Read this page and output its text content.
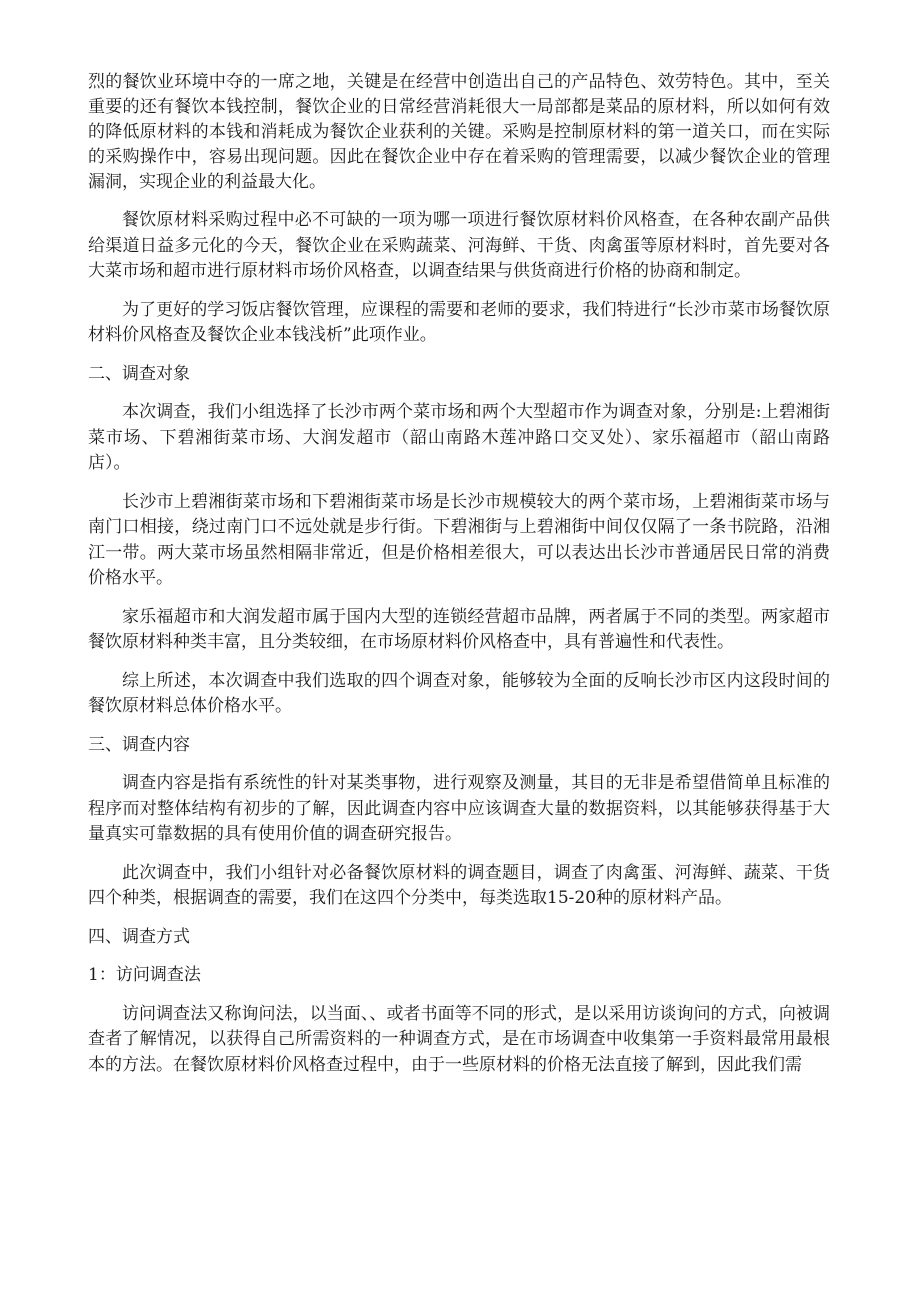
烈的餐饮业环境中夺的一席之地，关键是在经营中创造出自己的产品特色、效劳特色。其中，至关重要的还有餐饮本钱控制，餐饮企业的日常经营消耗很大一局部都是菜品的原材料，所以如何有效的降低原材料的本钱和消耗成为餐饮企业获利的关键。采购是控制原材料的第一道关口，而在实际的采购操作中，容易出现问题。因此在餐饮企业中存在着采购的管理需要，以减少餐饮企业的管理漏洞，实现企业的利益最大化。

餐饮原材料采购过程中必不可缺的一项为哪一项进行餐饮原材料价风格查，在各种农副产品供给渠道日益多元化的今天，餐饮企业在采购蔬菜、河海鲜、干货、肉禽蛋等原材料时，首先要对各大菜市场和超市进行原材料市场价风格查，以调查结果与供货商进行价格的协商和制定。

为了更好的学习饭店餐饮管理，应课程的需要和老师的要求，我们特进行“长沙市菜市场餐饮原材料价风格查及餐饮企业本钱浅析”此项作业。

二、调查对象

本次调查，我们小组选择了长沙市两个菜市场和两个大型超市作为调查对象，分别是:上碧湘街菜市场、下碧湘街菜市场、大润发超市（韶山南路木莲冲路口交叉处）、家乐福超市（韶山南路店）。

长沙市上碧湘街菜市场和下碧湘街菜市场是长沙市规模较大的两个菜市场，上碧湘街菜市场与南门口相接，绕过南门口不远处就是步行街。下碧湘街与上碧湘街中间仅仅隔了一条书院路，沿湘江一带。两大菜市场虽然相隔非常近，但是价格相差很大，可以表达出长沙市普通居民日常的消费价格水平。

家乐福超市和大润发超市属于国内大型的连锁经营超市品牌，两者属于不同的类型。两家超市餐饮原材料种类丰富，且分类较细，在市场原材料价风格查中，具有普遍性和代表性。

综上所述，本次调查中我们选取的四个调查对象，能够较为全面的反响长沙市区内这段时间的餐饮原材料总体价格水平。

三、调查内容

调查内容是指有系统性的针对某类事物，进行观察及测量，其目的无非是希望借简单且标准的程序而对整体结构有初步的了解，因此调查内容中应该调查大量的数据资料，以其能够获得基于大量真实可靠数据的具有使用价值的调查研究报告。

此次调查中，我们小组针对必备餐饮原材料的调查题目，调查了肉禽蛋、河海鲜、蔬菜、干货四个种类，根据调查的需要，我们在这四个分类中，每类选取15-20种的原材料产品。

四、调查方式
1：访问调查法

访问调查法又称询问法，以当面、、或者书面等不同的形式，是以采用访谈询问的方式，向被调查者了解情况，以获得自己所需资料的一种调查方式，是在市场调查中收集第一手资料最常用最根本的方法。在餐饮原材料价风格查过程中，由于一些原材料的价格无法直接了解到，因此我们需
